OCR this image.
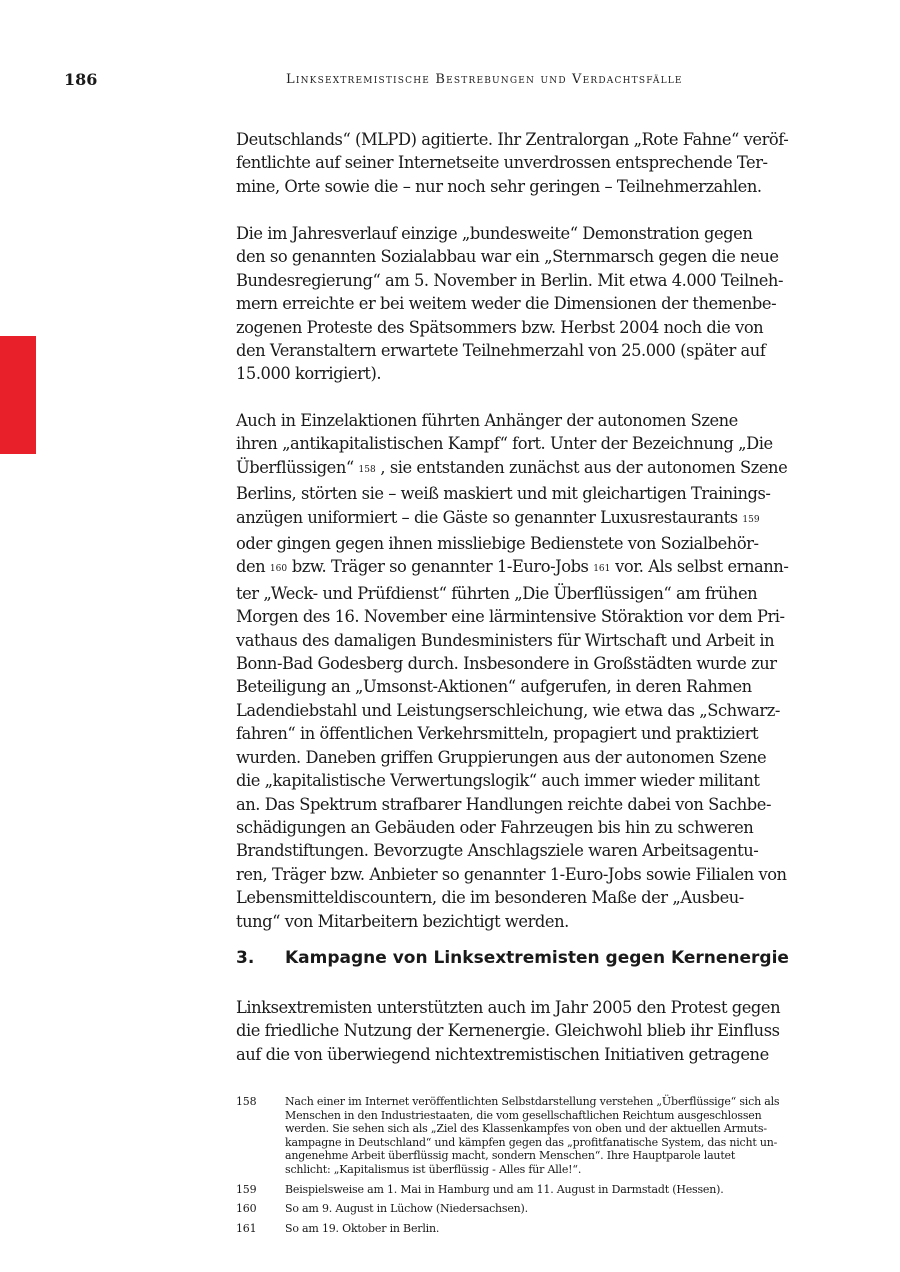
186	Linksextremistische Bestrebungen und Verdachtsfälle
Deutschlands“ (MLPD) agitierte. Ihr Zentralorgan „Rote Fahne“ veröf-
fentlichte auf seiner Internetseite unverdrossen entsprechende Ter-
mine, Orte sowie die – nur noch sehr geringen – Teilnehmerzahlen.
Die im Jahresverlauf einzige „bundesweite“ Demonstration gegen
den so genannten Sozialabbau war ein „Sternmarsch gegen die neue
Bundesregierung“ am 5. November in Berlin. Mit etwa 4.000 Teilneh-
mern erreichte er bei weitem weder die Dimensionen der themenbe-
zogenen Proteste des Spätsommers bzw. Herbst 2004 noch die von
den Veranstaltern erwartete Teilnehmerzahl von 25.000 (später auf
15.000 korrigiert).
Auch in Einzelaktionen führten Anhänger der autonomen Szene
ihren „antikapitalistischen Kampf“ fort. Unter der Bezeichnung „Die
Überflüssigen“ 158 , sie entstanden zunächst aus der autonomen Szene
Berlins, störten sie – weiß maskiert und mit gleichartigen Trainings-
anzügen uniformiert – die Gäste so genannter Luxusrestaurants 159
oder gingen gegen ihnen missliebige Bedienstete von Sozialbehör-
den 160 bzw. Träger so genannter 1-Euro-Jobs 161 vor. Als selbst ernann-
ter „Weck- und Prüfdienst“ führten „Die Überflüssigen“ am frühen
Morgen des 16. November eine lärmintensive Störaktion vor dem Pri-
vathaus des damaligen Bundesministers für Wirtschaft und Arbeit in
Bonn-Bad Godesberg durch. Insbesondere in Großstädten wurde zur
Beteiligung an „Umsonst-Aktionen“ aufgerufen, in deren Rahmen
Ladendiebstahl und Leistungserschleichung, wie etwa das „Schwarz-
fahren“ in öffentlichen Verkehrsmitteln, propagiert und praktiziert
wurden. Daneben griffen Gruppierungen aus der autonomen Szene
die „kapitalistische Verwertungslogik“ auch immer wieder militant
an. Das Spektrum strafbarer Handlungen reichte dabei von Sachbe-
schädigungen an Gebäuden oder Fahrzeugen bis hin zu schweren
Brandstiftungen. Bevorzugte Anschlagsziele waren Arbeitsagentu-
ren, Träger bzw. Anbieter so genannter 1-Euro-Jobs sowie Filialen von
Lebensmitteldiscountern, die im besonderen Maße der „Ausbeu-
tung“ von Mitarbeitern bezichtigt werden.
3. Kampagne von Linksextremisten gegen Kernenergie
Linksextremisten unterstützten auch im Jahr 2005 den Protest gegen
die friedliche Nutzung der Kernenergie. Gleichwohl blieb ihr Einfluss
auf die von überwiegend nichtextremistischen Initiativen getragene
158	Nach einer im Internet veröffentlichten Selbstdarstellung verstehen „Überflüssige“ sich als
Menschen in den Industriestaaten, die vom gesellschaftlichen Reichtum ausgeschlossen
werden. Sie sehen sich als „Ziel des Klassenkampfes von oben und der aktuellen Armuts-
kampagne in Deutschland“ und kämpfen gegen das „profitfanatische System, das nicht un-
angenehme Arbeit überflüssig macht, sondern Menschen“. Ihre Hauptparole lautet
schlicht: „Kapitalismus ist überflüssig - Alles für Alle!“.
159	Beispielsweise am 1. Mai in Hamburg und am 11. August in Darmstadt (Hessen).
160	So am 9. August in Lüchow (Niedersachsen).
161	So am 19. Oktober in Berlin.
